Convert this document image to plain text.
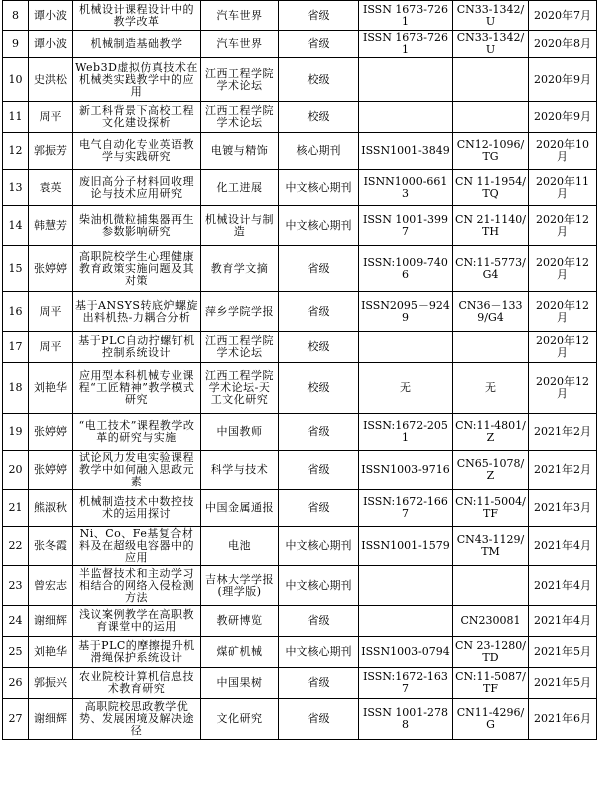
8	谭小波	机械设计课程设计中的教学改革	汽车世界	省级	ISSN 1673-7261	CN33-1342/U	2020年7月
9	谭小波	机械制造基础教学	汽车世界	省级	ISSN 1673-7261	CN33-1342/U	2020年8月
10	史洪松	Web3D虚拟仿真技术在机械类实践教学中的应用	江西工程学院学术论坛	校级			2020年9月
11	周平	新工科背景下高校工程文化建设探析	江西工程学院学术论坛	校级			2020年9月
12	郭振芳	电气自动化专业英语教学与实践研究	电镀与精饰	核心期刊	ISSN1001-3849	CN12-1096/TG	2020年10月
13	袁英	废旧高分子材料回收理论与技术应用研究	化工进展	中文核心期刊	ISNN1000-6613	CN 11-1954/TQ	2020年11月
14	韩慧芳	柴油机微粒捕集器再生参数影响研究	机械设计与制造	中文核心期刊	ISSN 1001-3997	CN 21-1140/TH	2020年12月
15	张婷婷	高职院校学生心理健康教育政策实施问题及其对策	教育学文摘	省级	ISSN:1009-7406	CN:11-5773/G4	2020年12月
16	周平	基于ANSYS转底炉螺旋出料机热-力耦合分析	萍乡学院学报	省级	ISSN2095－9249	CN36－1339/G4	2020年12月
17	周平	基于PLC自动拧螺钉机控制系统设计	江西工程学院学术论坛	校级			2020年12月
18	刘艳华	应用型本科机械专业课程“工匠精神”教学模式研究	江西工程学院学术论坛-天工文化研究	校级	无	无	2020年12月
19	张婷婷	“电工技术”课程教学改革的研究与实施	中国教师	省级	ISSN:1672-2051	CN:11-4801/Z	2021年2月
20	张婷婷	试论风力发电实验课程教学中如何融入思政元素	科学与技术	省级	ISSN1003-9716	CN65-1078/Z	2021年2月
21	熊淑秋	机械制造技术中数控技术的运用探讨	中国金属通报	省级	ISSN:1672-1667	CN:11-5004/TF	2021年3月
22	张冬霞	Ni、Co、Fe基复合材料及在超级电容器中的应用	电池	中文核心期刊	ISSN1001-1579	CN43-1129/TM	2021年4月
23	曾宏志	半监督技术和主动学习相结合的网络入侵检测方法	吉林大学学报(理学版)	中文核心期刊			2021年4月
24	谢细辉	浅议案例教学在高职教育课堂中的运用	教研博览	省级		CN230081	2021年4月
25	刘艳华	基于PLC的摩擦提升机滑绳保护系统设计	煤矿机械	中文核心期刊	ISSN1003-0794	CN 23-1280/TD	2021年5月
26	郭振兴	农业院校计算机信息技术教育研究	中国果树	省级	ISSN:1672-1637	CN:11-5087/TF	2021年5月
27	谢细辉	高职院校思政教学优势、发展困境及解决途径	文化研究	省级	ISSN 1001-2788	CN11-4296/G	2021年6月
